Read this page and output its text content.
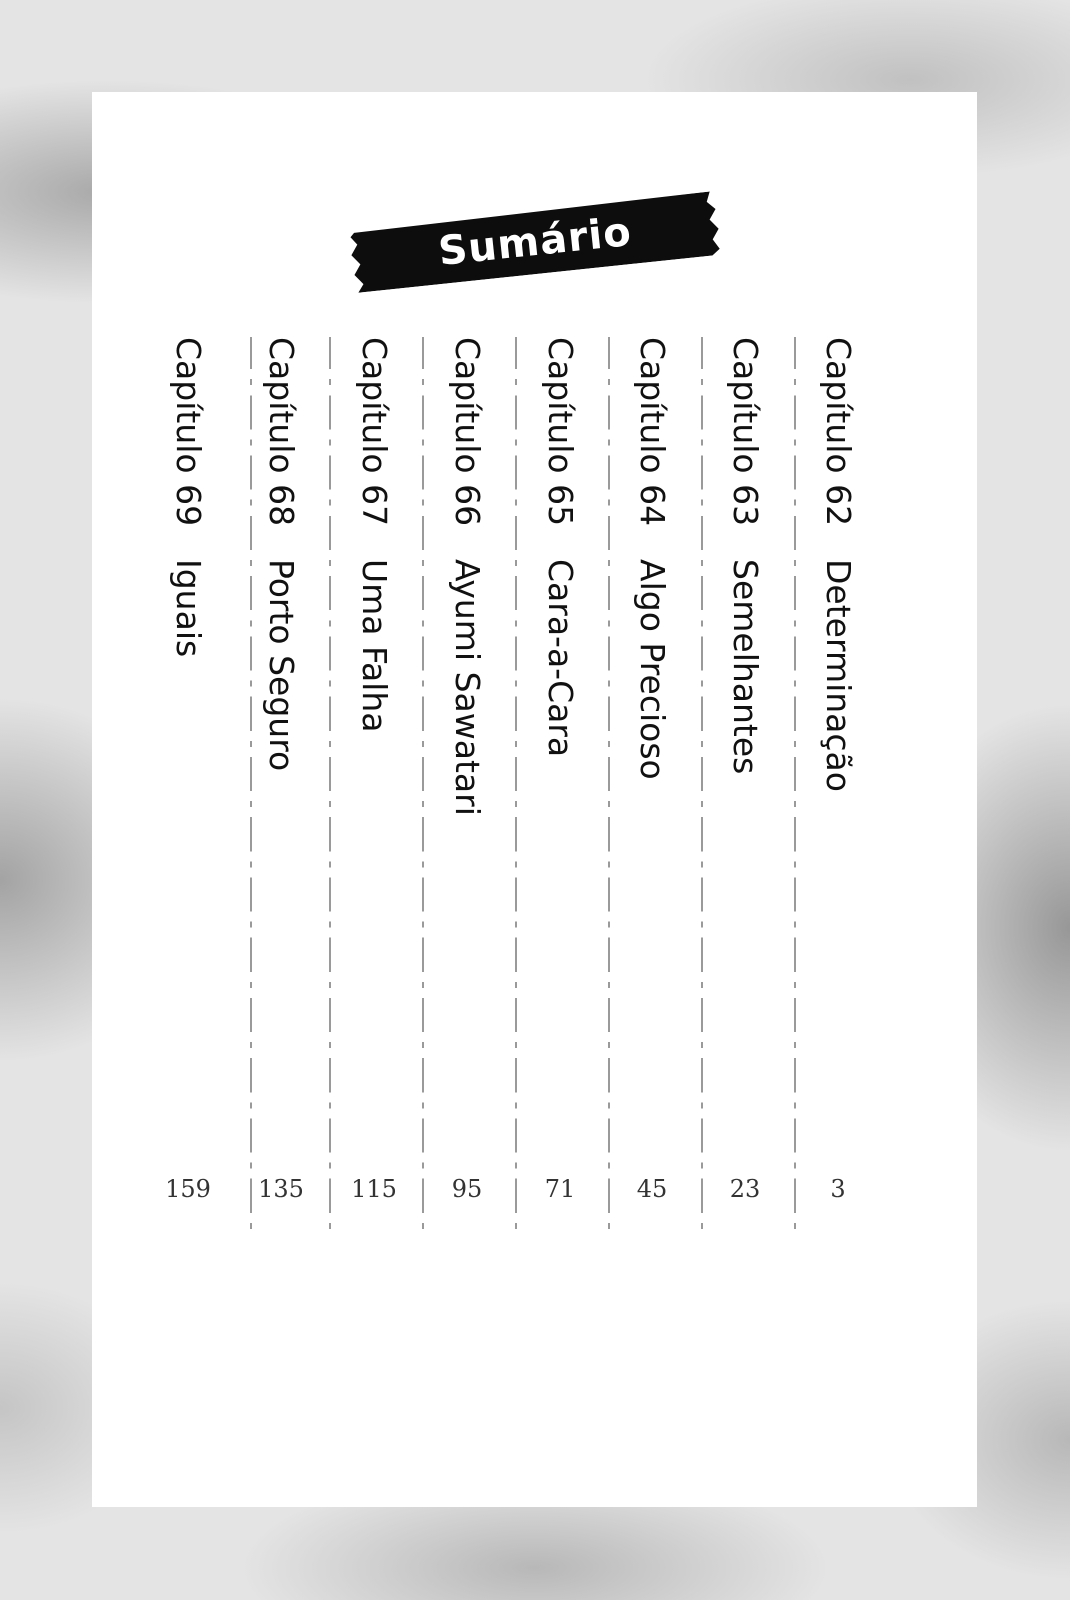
Sumário
Capítulo 62
Determinação
3
Capítulo 63
Semelhantes
23
Capítulo 64
Algo Precioso
45
Capítulo 65
Cara-a-Cara
71
Capítulo 66
Ayumi Sawatari
95
Capítulo 67
Uma Falha
115
Capítulo 68
Porto Seguro
135
Capítulo 69
Iguais
159
